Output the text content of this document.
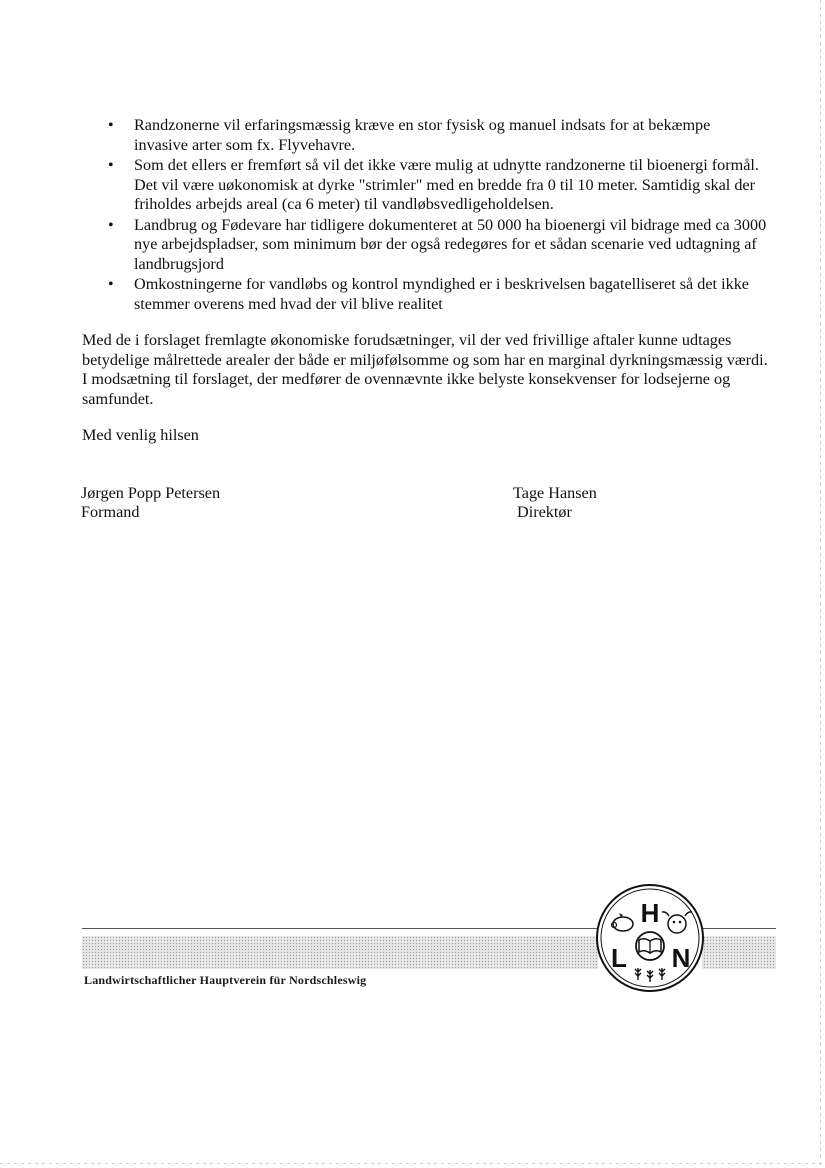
• Randzonerne vil erfaringsmæssig kræve en stor fysisk og manuel indsats for at bekæmpe invasive arter som fx. Flyvehavre.
• Som det ellers er fremført så vil det ikke være mulig at udnytte randzonerne til bioenergi formål. Det vil være uøkonomisk at dyrke "strimler" med en bredde fra 0 til 10 meter. Samtidig skal der friholdes arbejds areal (ca 6 meter) til vandløbsvedligeholdelsen.
• Landbrug og Fødevare har tidligere dokumenteret at 50 000 ha bioenergi vil bidrage med ca 3000 nye arbejdspladser, som minimum bør der også redegøres for et sådan scenarie ved udtagning af landbrugsjord
• Omkostningerne for vandløbs og kontrol myndighed er i beskrivelsen bagatelliseret så det ikke stemmer overens med hvad der vil blive realitet

Med de i forslaget fremlagte økonomiske forudsætninger, vil der ved frivillige aftaler kunne udtages betydelige målrettede arealer der både er miljøfølsomme og som har en marginal dyrkningsmæssig værdi. I modsætning til forslaget, der medfører de ovennævnte ikke belyste konsekvenser for lodsejerne og samfundet.

Med venlig hilsen

Jørgen Popp Petersen
Formand
Tage Hansen
Direktør
Landwirtschaftlicher Hauptverein für Nordschleswig
H
L N
